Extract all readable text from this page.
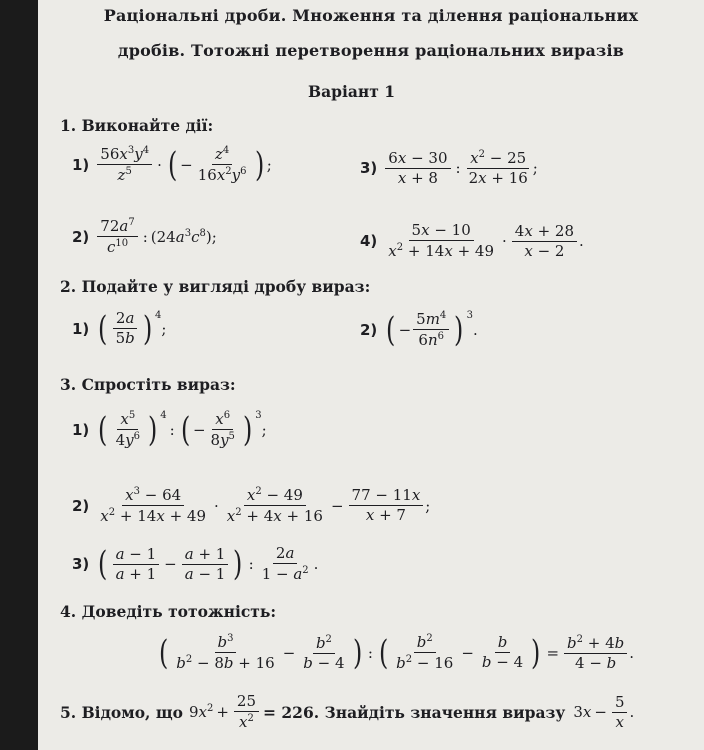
Раціональні дроби. Множення та ділення раціональних
дробів. Тотожні перетворення раціональних виразів
Варіант 1
1. Виконайте дії:
$1) \frac{56x^3y^4}{z^5}$ · ( − $\frac{z^4}{16x^2y^6}$ ) ;	$3) \frac{6x - 30}{x + 8}$ : $\frac{x^2 - 25}{2x + 16}$ ;
$2) \frac{72a^7}{c^{10}}$ : $(24a^3c^8)$;	$4) \frac{5x - 10}{x^2 + 14x + 49} \cdot \frac{4x + 28}{x - 2}$ .
2. Подайте у вигляді дробу вираз:
1) ( $\frac{2a}{5b}$ ) $^4$
;	2) ( − $\frac{5m^4}{6n^6}$ ) $^3$
.
3. Спростіть вираз:
1) ( $\frac{x^5}{4y^6}$ ) $^4$
: ( − $\frac{x^6}{8y^5}$ ) $^3$
;
$2) \frac{x^3 - 64}{x^2 + 14x + 49} \cdot \frac{x^2 - 49}{x^2 + 4x + 16} - \frac{77 - 11x}{x + 7}$ ;
3) ( $\frac{a - 1}{a + 1} - \frac{a + 1}{a - 1}$ ) : $\frac{2a}{1 - a^2}$ .
4. Доведіть тотожність:
( $\frac{b^3}{b^2 - 8b + 16} - \frac{b^2}{b - 4}$ ) : ( $\frac{b^2}{b^2 - 16} - \frac{b}{b - 4}$ ) = $\frac{b^2 + 4b}{4 - b}$ .
5. Відомо, що $9x^2 + \frac{25}{x^2} = 226$. Знайдіть значення виразу $3x - \frac{5}{x}$ .
